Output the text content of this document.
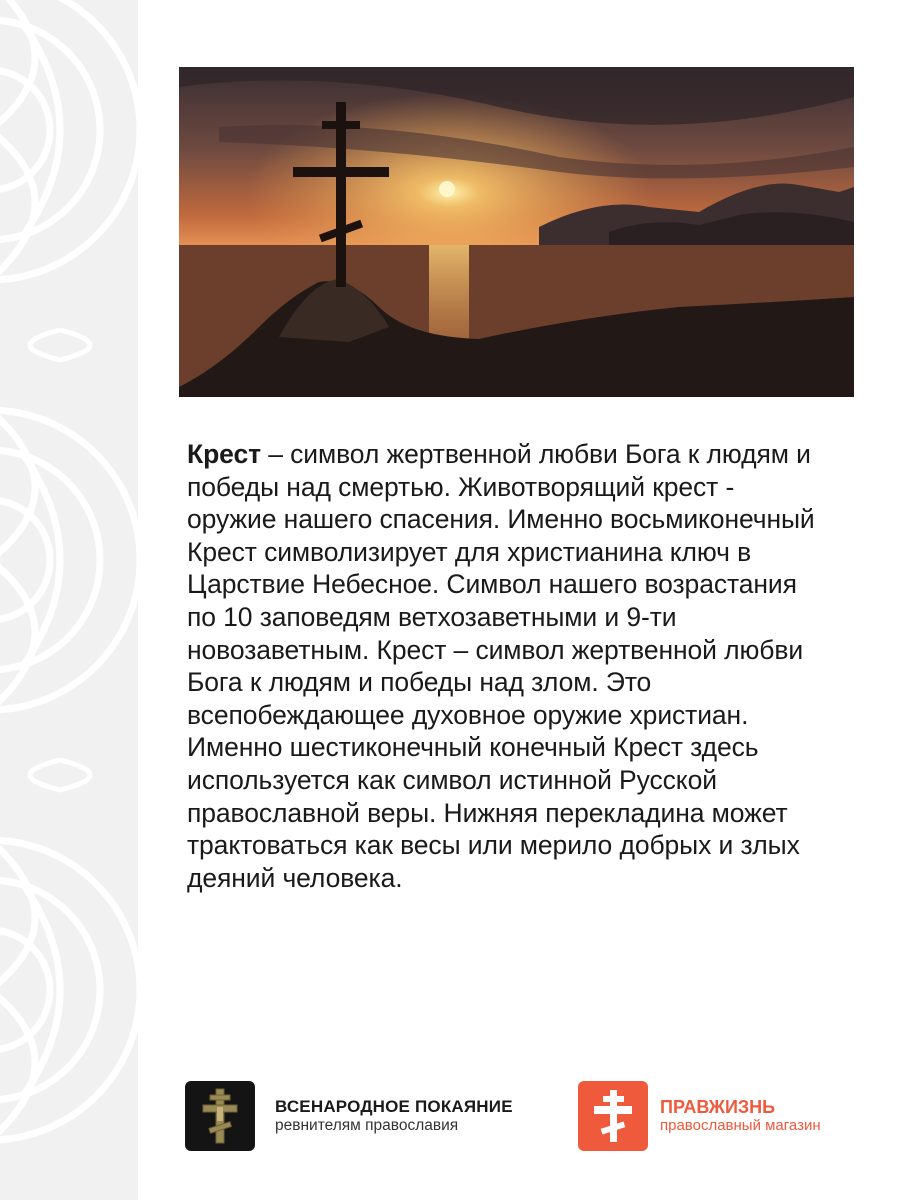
Крест – символ жертвенной любви Бога к людям и
победы над смертью. Животворящий крест -
оружие нашего спасения. Именно восьмиконечный
Крест символизирует для христианина ключ в
Царствие Небесное. Символ нашего возрастания
по 10 заповедям ветхозаветными и 9-ти
новозаветным. Крест – символ жертвенной любви
Бога к людям и победы над злом. Это
всепобеждающее духовное оружие христиан.
Именно шестиконечный конечный Крест здесь
используется как символ истинной Русской
православной веры. Нижняя перекладина может
трактоваться как весы или мерило добрых и злых
деяний человека.
ВСЕНАРОДНОЕ ПОКАЯНИЕ
ревнителям православия
ПРАВЖИЗНЬ
православный магазин
